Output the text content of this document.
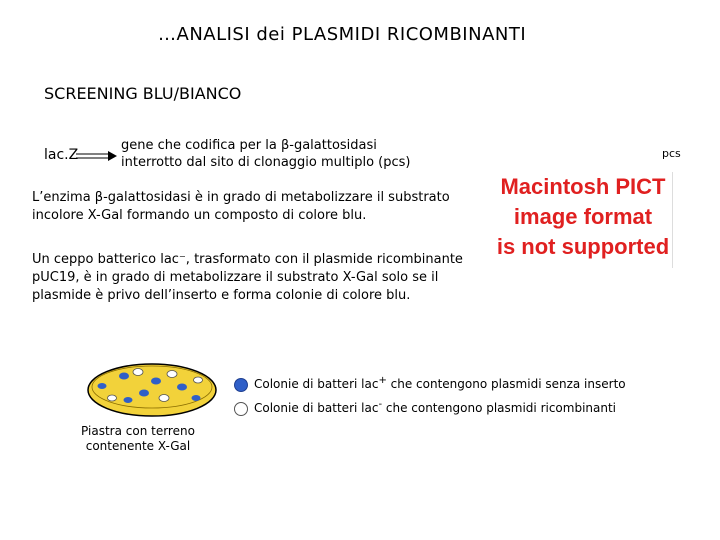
…ANALISI dei PLASMIDI RICOMBINANTI
SCREENING BLU/BIANCO
lac.Z
gene che codifica per la β-galattosidasi
interrotto dal sito di clonaggio multiplo (pcs)
L’enzima β-galattosidasi è in grado di metabolizzare il substrato
incolore X-Gal formando un composto di colore blu.
Un ceppo batterico lac⁻, trasformato con il plasmide ricombinante
pUC19, è in grado di metabolizzare il substrato X-Gal solo se il
plasmide è privo dell’inserto e forma colonie di colore blu.
Macintosh PICT
image format
is not supported
pcs
Piastra con terreno
contenente X-Gal
Colonie di batteri lac+ che contengono plasmidi senza inserto
Colonie di batteri lac- che contengono plasmidi ricombinanti
